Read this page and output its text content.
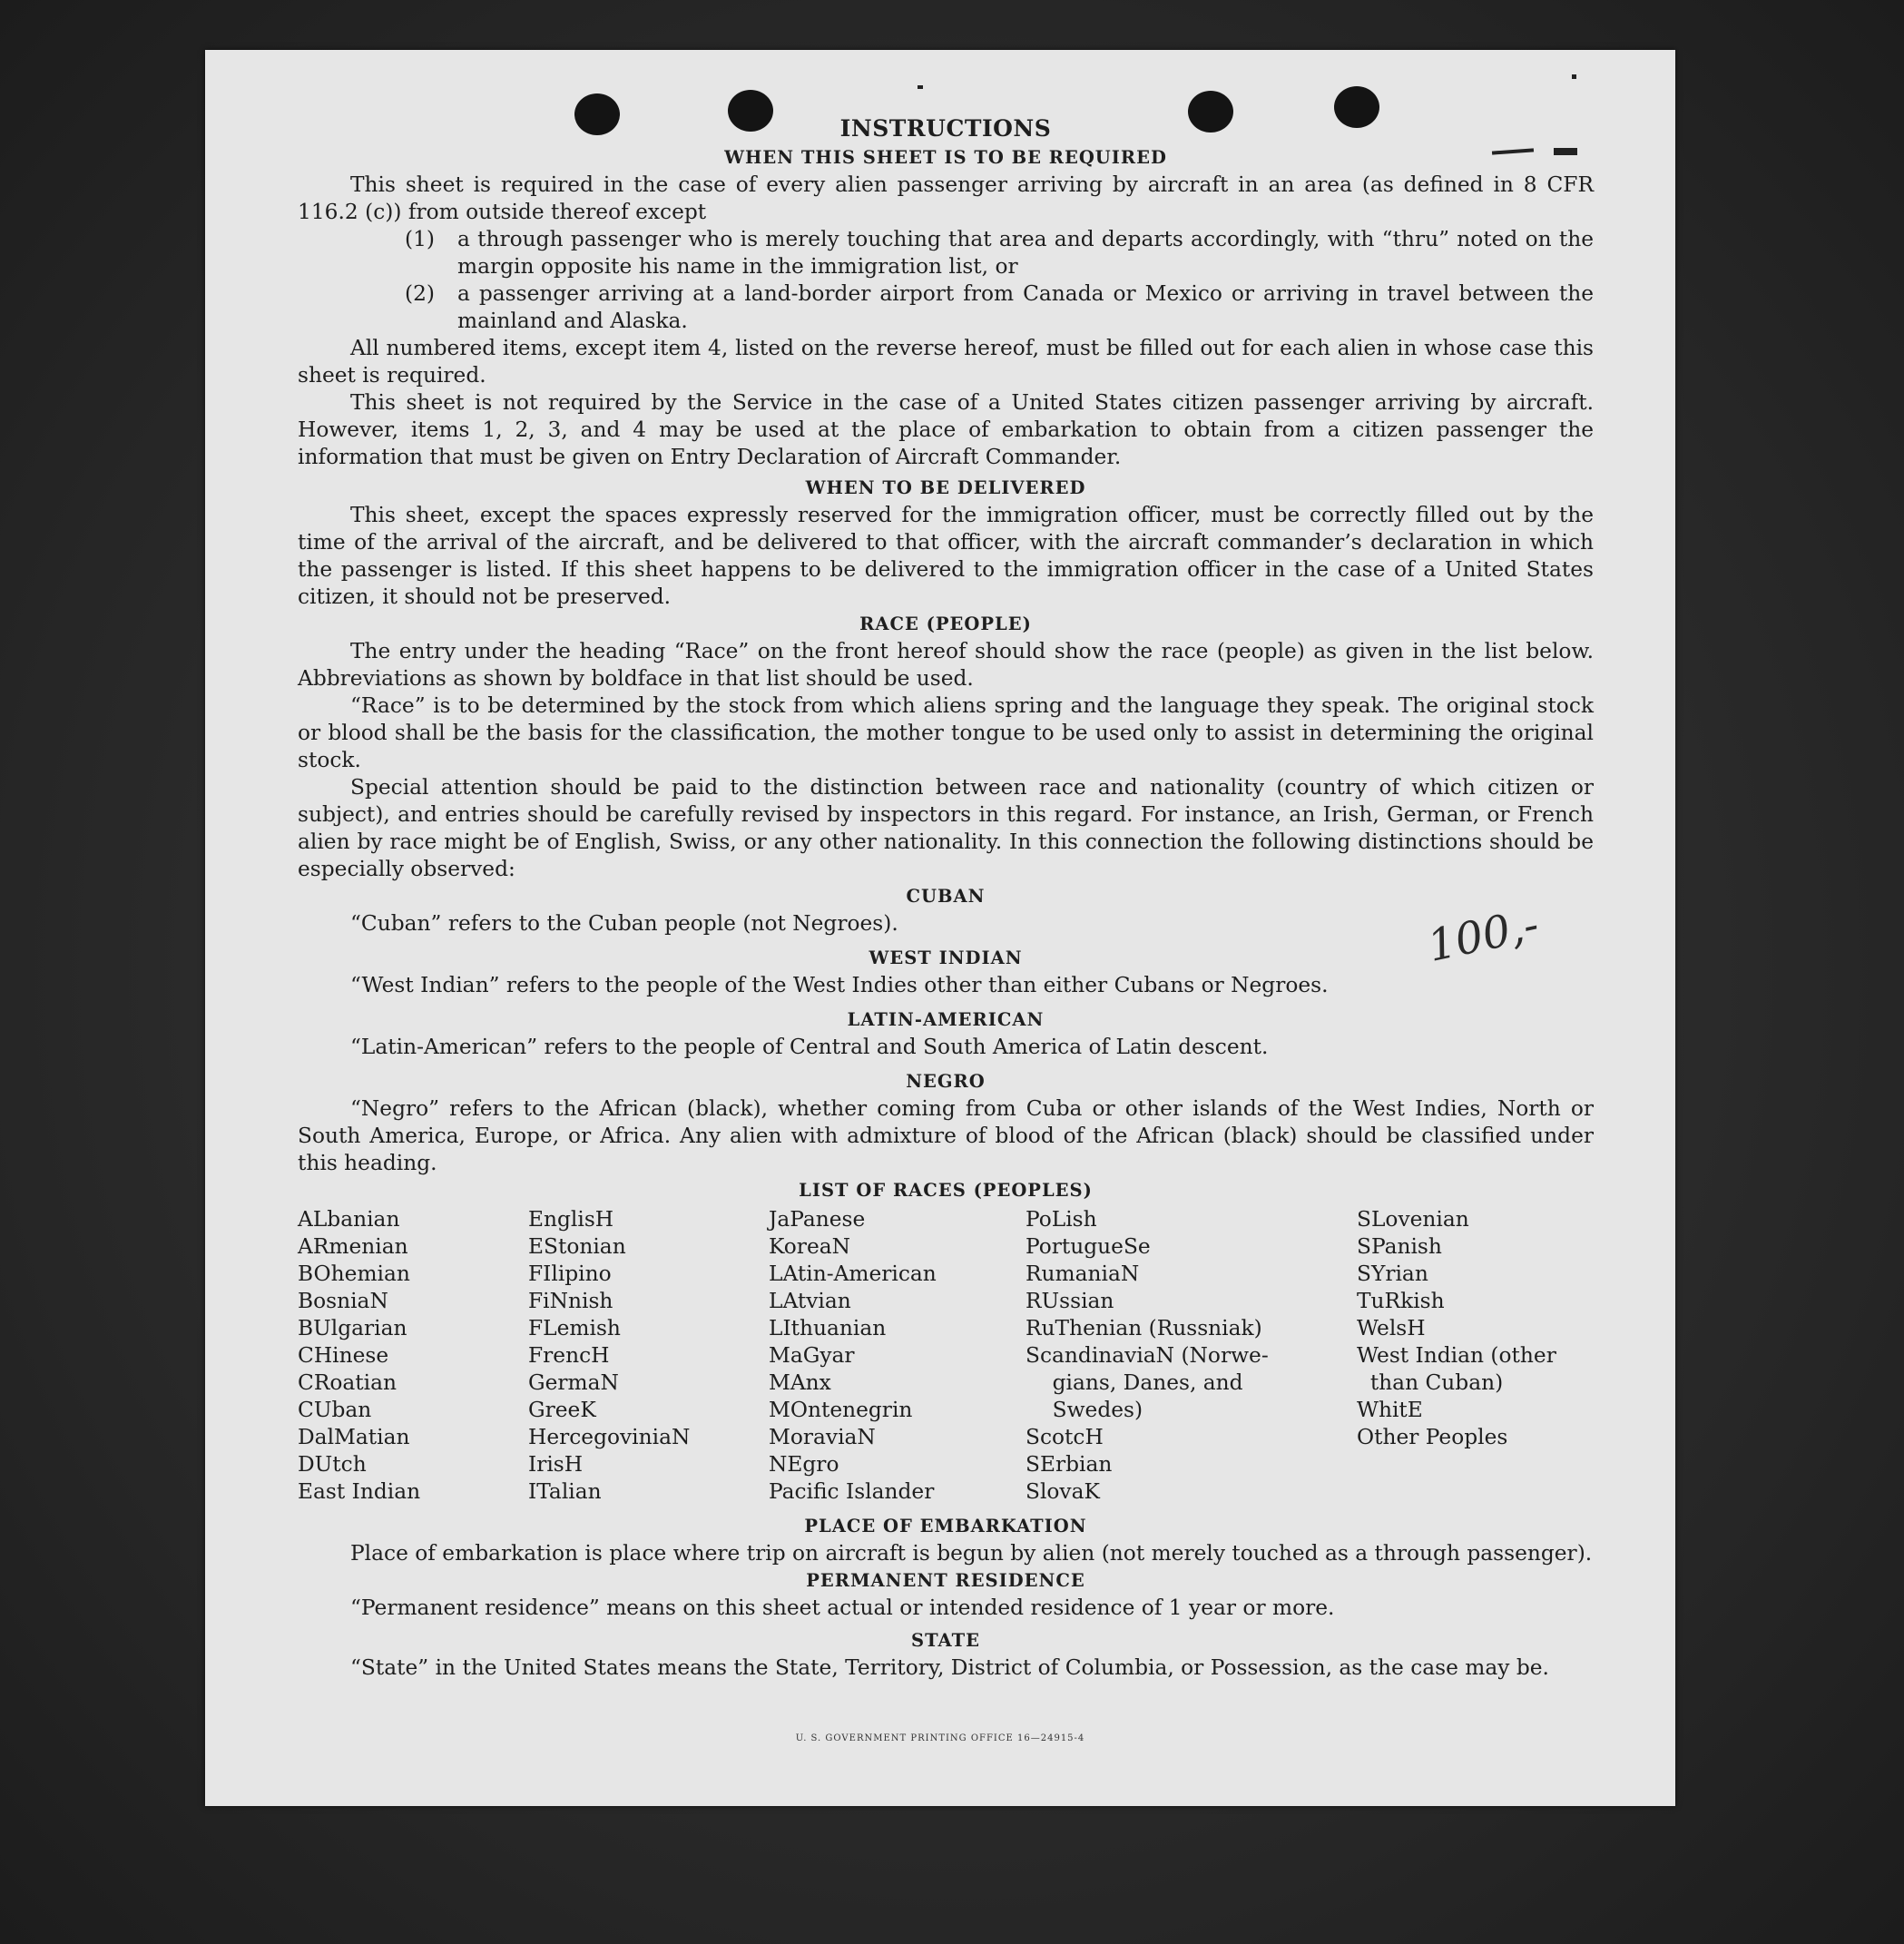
INSTRUCTIONS
WHEN THIS SHEET IS TO BE REQUIRED

This sheet is required in the case of every alien passenger arriving by aircraft in an area (as defined in 8 CFR 116.2 (c)) from outside thereof except

(1)	a through passenger who is merely touching that area and departs accordingly, with “thru” noted on the margin opposite his name in the immigration list, or
(2)	a passenger arriving at a land-border airport from Canada or Mexico or arriving in travel between the mainland and Alaska.

All numbered items, except item 4, listed on the reverse hereof, must be filled out for each alien in whose case this sheet is required.

This sheet is not required by the Service in the case of a United States citizen passenger arriving by aircraft. However, items 1, 2, 3, and 4 may be used at the place of embarkation to obtain from a citizen passenger the information that must be given on Entry Declaration of Aircraft Commander.

WHEN TO BE DELIVERED

This sheet, except the spaces expressly reserved for the immigration officer, must be correctly filled out by the time of the arrival of the aircraft, and be delivered to that officer, with the aircraft commander’s declaration in which the passenger is listed. If this sheet happens to be delivered to the immigration officer in the case of a United States citizen, it should not be preserved.

RACE (PEOPLE)

The entry under the heading “Race” on the front hereof should show the race (people) as given in the list below. Abbreviations as shown by boldface in that list should be used.

“Race” is to be determined by the stock from which aliens spring and the language they speak. The original stock or blood shall be the basis for the classification, the mother tongue to be used only to assist in determining the original stock.

Special attention should be paid to the distinction between race and nationality (country of which citizen or subject), and entries should be carefully revised by inspectors in this regard. For instance, an Irish, German, or French alien by race might be of English, Swiss, or any other nationality. In this connection the following distinctions should be especially observed:

CUBAN

“Cuban” refers to the Cuban people (not Negroes).

WEST INDIAN

“West Indian” refers to the people of the West Indies other than either Cubans or Negroes.

LATIN-AMERICAN

“Latin-American” refers to the people of Central and South America of Latin descent.

NEGRO

“Negro” refers to the African (black), whether coming from Cuba or other islands of the West Indies, North or South America, Europe, or Africa. Any alien with admixture of blood of the African (black) should be classified under this heading.

LIST OF RACES (PEOPLES)
ALbanian
ARmenian
BOhemian
BosniaN
BUlgarian
CHinese
CRoatian
CUban
DalMatian
DUtch
East Indian
EnglisH
EStonian
FIlipino
FiNnish
FLemish
FrencH
GermaN
GreeK
HercegoviniaN
IrisH
ITalian
JaPanese
KoreaN
LAtin-American
LAtvian
LIthuanian
MaGyar
MAnx
MOntenegrin
MoraviaN
NEgro
Pacific Islander
PoLish
PortugueSe
RumaniaN
RUssian
RuThenian (Russniak)
ScandinaviaN (Norwe-
gians, Danes, and
Swedes)
ScotcH
SErbian
SlovaK
SLovenian
SPanish
SYrian
TuRkish
WelsH
West Indian (other
than Cuban)
WhitE
Other Peoples
PLACE OF EMBARKATION

Place of embarkation is place where trip on aircraft is begun by alien (not merely touched as a through passenger).

PERMANENT RESIDENCE

“Permanent residence” means on this sheet actual or intended residence of 1 year or more.

STATE

“State” in the United States means the State, Territory, District of Columbia, or Possession, as the case may be.

U. S. GOVERNMENT PRINTING OFFICE 16—24915-4
100,-
